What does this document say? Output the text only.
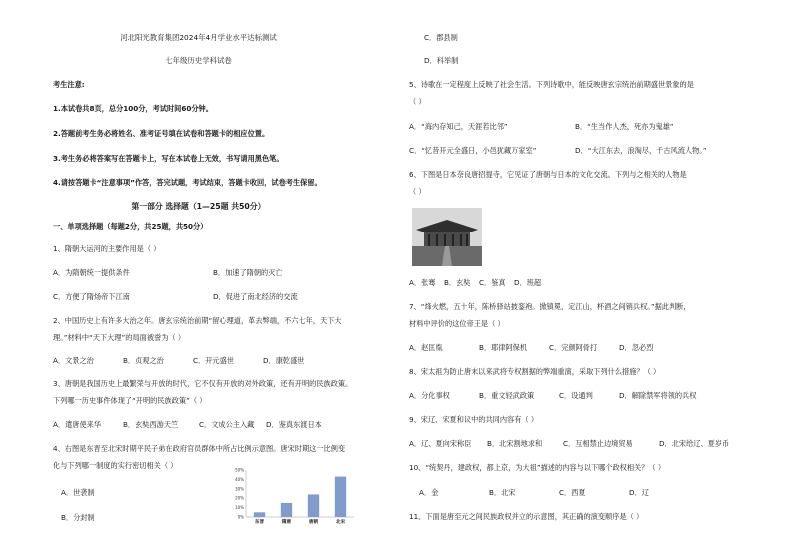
河北阳光教育集团2024年4月学业水平达标测试
七年级历史学科试卷
考生注意:
1.本试卷共8页，总分100分，考试时间60分钟。
2.答题前考生务必将姓名、准考证号填在试卷和答题卡的相应位置。
3.考生务必将答案写在答题卡上，写在本试卷上无效，书写请用黑色笔。
4.请按答题卡“注意事项”作答，答完试题，考试结束，答题卡收回，试卷考生保留。
第一部分 选择题（1—25题 共50分）
一、单项选择题（每题2分，共25题，共50分）
1、隋朝大运河的主要作用是（ ）
A．为隋朝统一提供条件	B．加速了隋朝的灭亡
C．方便了隋炀帝下江南	D．促进了南北经济的交流
2、中国历史上有许多大治之年。唐玄宗统治前期“留心理道，革去弊端，不六七年，天下大
理。”材料中“天下大理”的局面被誉为（ ）
A．文景之治	B．贞观之治	C．开元盛世	D．康乾盛世
3、唐朝是我国历史上最繁荣与开放的时代，它不仅有开放的对外政策，还有开明的民族政策。
下列哪一历史事件体现了“开明的民族政策”（ ）
A．遣唐使来华	B．玄奘西游天竺	C．文成公主入藏 D．鉴真东渡日本
4、右图是东晋至北宋时期平民子弟在政府官员群体中所占比例示意图。唐宋时期这一比例变
化与下列哪一制度的实行密切相关（ ）
A．世袭制
B．分封制
50%
40%
30%
20%
10%
0%
东晋	隋唐	唐朝	北宋
C．郡县制
D．科举制
5、诗歌在一定程度上反映了社会生活。下列诗歌中，能反映唐玄宗统治前期盛世景象的是
（ ）
A．“海内存知己，天涯若比邻”	B．“生当作人杰，死亦为鬼雄”
C．“忆昔开元全盛日，小邑犹藏万家室”	D．“大江东去，浪淘尽，千古风流人物。”
6、下图是日本奈良唐招提寺，它见证了唐朝与日本的文化交流。下列与之相关的人物是
（ ）
A．张骞 B．玄奘 C．鉴真 D．班超
7、“烽火燃，五十年，陈桥驿站披銮袍。掀镇冕，定江山，杯酒之间销兵权。”据此判断，
材料中评价的这位帝王是（ ）
A．赵匡胤	B．耶律阿保机	C．完颜阿骨打	D．忽必烈
8、宋太祖为防止唐末以来武将专权割据的弊端重演，采取下列什么措施？（ ）
A．分化事权	B．重文轻武政策	C．设通判	D．解除禁军将领的兵权
9、宋辽、宋夏和议中的共同内容有（ ）
A．辽、夏向宋称臣 B．北宋割地求和	C．互相禁止边境贸易	D．北宋给辽、夏岁币
10、“统契丹，建政权，都上京，为大祖”描述的内容与以下哪个政权相关？（ ）
A．金	B．北宋	C．西夏	D．辽
11、下面是唐至元之间民族政权并立的示意图，其正确的演变顺序是（ ）
